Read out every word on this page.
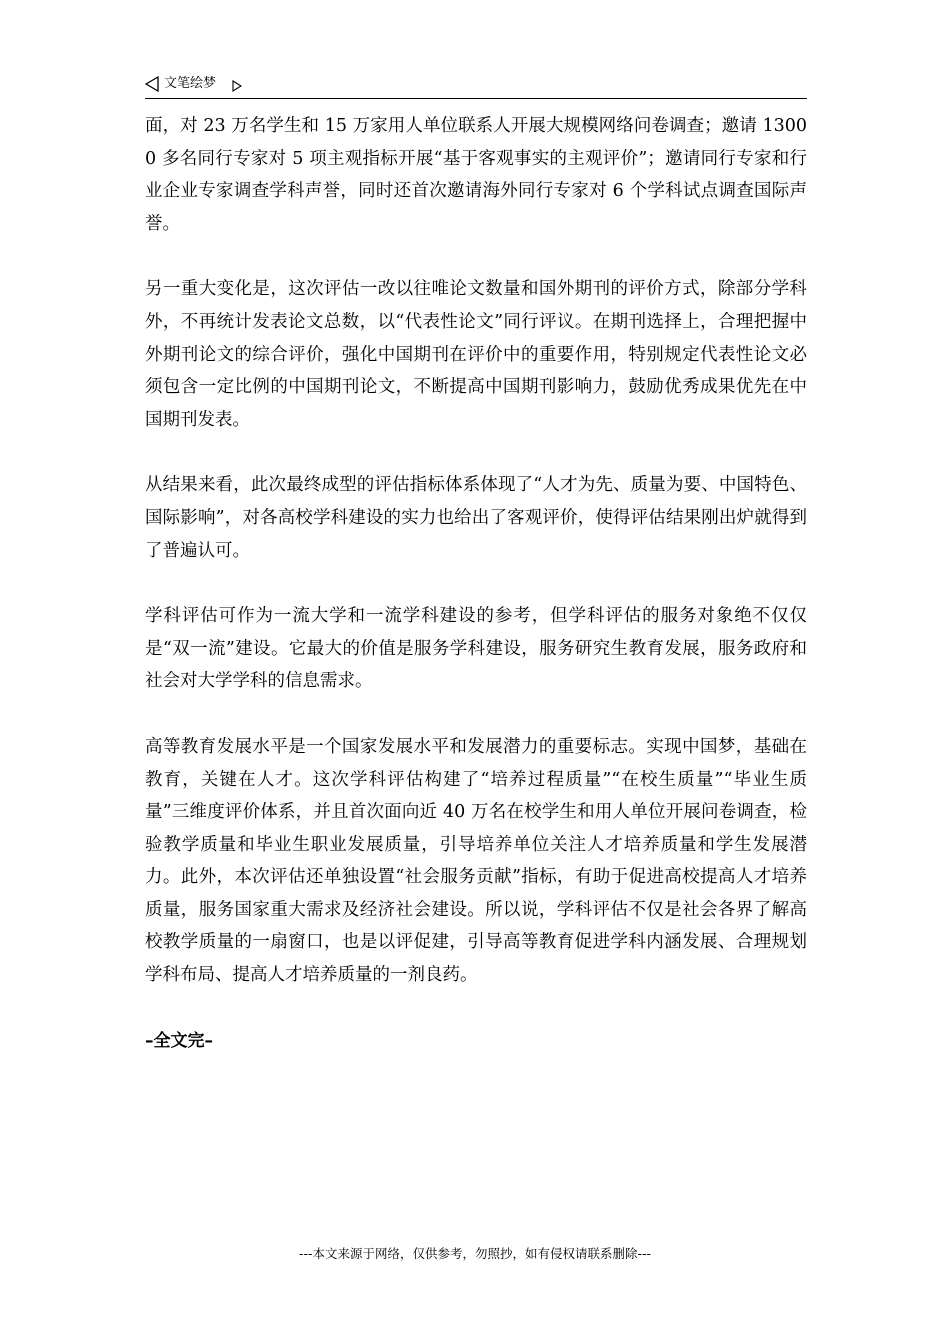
文笔绘梦

面，对 23 万名学生和 15 万家用人单位联系人开展大规模网络问卷调查；邀请 13000 多名同行专家对 5 项主观指标开展“基于客观事实的主观评价”；邀请同行专家和行业企业专家调查学科声誉，同时还首次邀请海外同行专家对 6 个学科试点调查国际声誉。

另一重大变化是，这次评估一改以往唯论文数量和国外期刊的评价方式，除部分学科外，不再统计发表论文总数，以“代表性论文”同行评议。在期刊选择上，合理把握中外期刊论文的综合评价，强化中国期刊在评价中的重要作用，特别规定代表性论文必须包含一定比例的中国期刊论文，不断提高中国期刊影响力，鼓励优秀成果优先在中国期刊发表。

从结果来看，此次最终成型的评估指标体系体现了“人才为先、质量为要、中国特色、国际影响”，对各高校学科建设的实力也给出了客观评价，使得评估结果刚出炉就得到了普遍认可。

学科评估可作为一流大学和一流学科建设的参考，但学科评估的服务对象绝不仅仅是“双一流”建设。它最大的价值是服务学科建设，服务研究生教育发展，服务政府和社会对大学学科的信息需求。

高等教育发展水平是一个国家发展水平和发展潜力的重要标志。实现中国梦，基础在教育，关键在人才。这次学科评估构建了“培养过程质量”“在校生质量”“毕业生质量”三维度评价体系，并且首次面向近 40 万名在校学生和用人单位开展问卷调查，检验教学质量和毕业生职业发展质量，引导培养单位关注人才培养质量和学生发展潜力。此外，本次评估还单独设置“社会服务贡献”指标，有助于促进高校提高人才培养质量，服务国家重大需求及经济社会建设。所以说，学科评估不仅是社会各界了解高校教学质量的一扇窗口，也是以评促建，引导高等教育促进学科内涵发展、合理规划学科布局、提高人才培养质量的一剂良药。

–全文完–

---本文来源于网络，仅供参考，勿照抄，如有侵权请联系删除---
